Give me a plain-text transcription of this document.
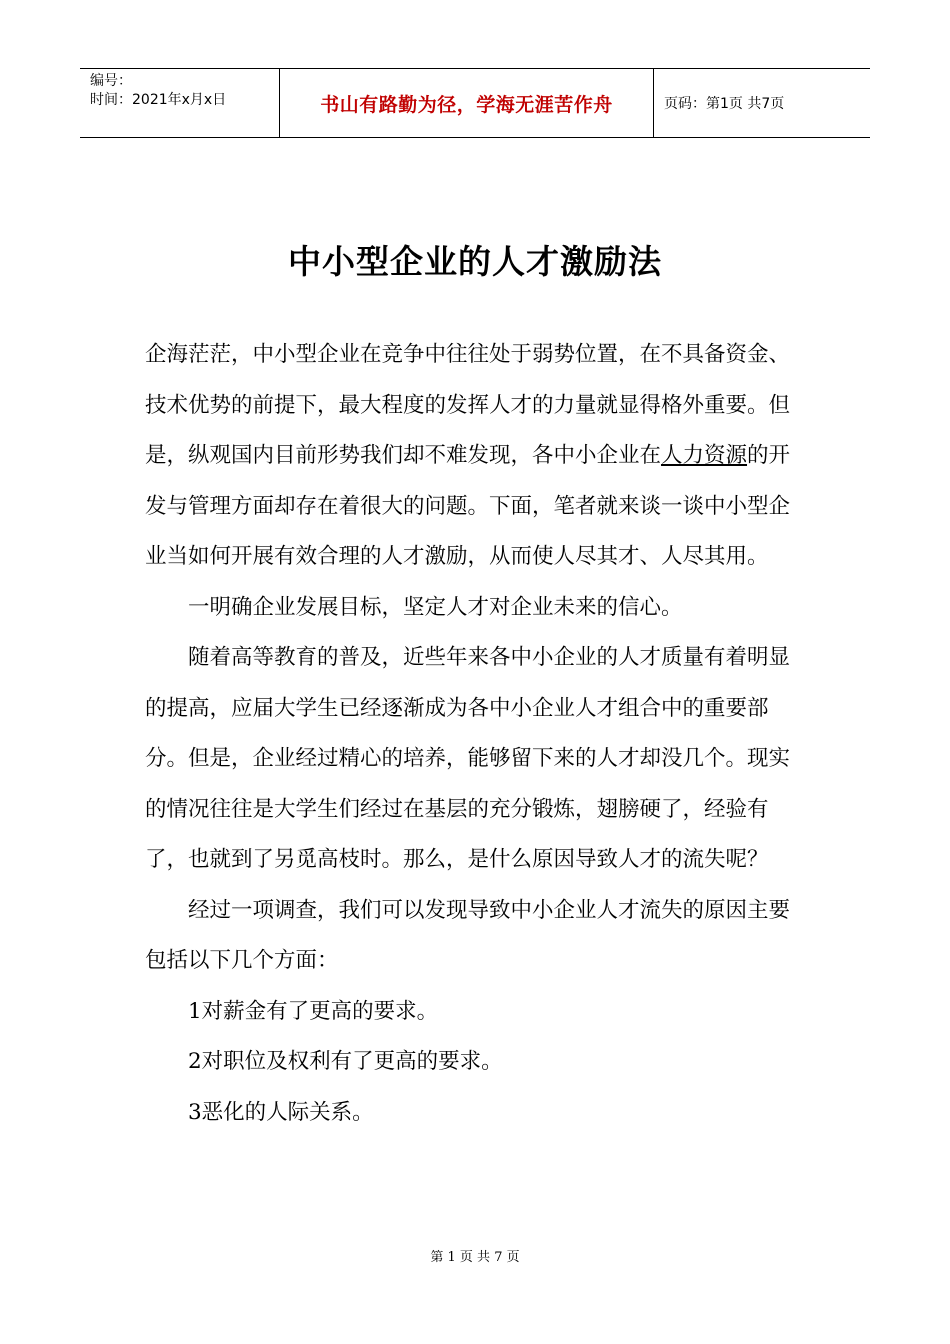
编号：
时间：2021年x月x日	书山有路勤为径，学海无涯苦作舟	页码：第1页 共7页
中小型企业的人才激励法

企海茫茫，中小型企业在竞争中往往处于弱势位置，在不具备资金、技术优势的前提下，最大程度的发挥人才的力量就显得格外重要。但是，纵观国内目前形势我们却不难发现，各中小企业在人力资源的开发与管理方面却存在着很大的问题。下面，笔者就来谈一谈中小型企业当如何开展有效合理的人才激励，从而使人尽其才、人尽其用。

一明确企业发展目标，坚定人才对企业未来的信心。

随着高等教育的普及，近些年来各中小企业的人才质量有着明显的提高，应届大学生已经逐渐成为各中小企业人才组合中的重要部分。但是，企业经过精心的培养，能够留下来的人才却没几个。现实的情况往往是大学生们经过在基层的充分锻炼，翅膀硬了，经验有了，也就到了另觅高枝时。那么，是什么原因导致人才的流失呢？

经过一项调查，我们可以发现导致中小企业人才流失的原因主要包括以下几个方面：

1对薪金有了更高的要求。

2对职位及权利有了更高的要求。

3恶化的人际关系。

第 1 页 共 7 页
